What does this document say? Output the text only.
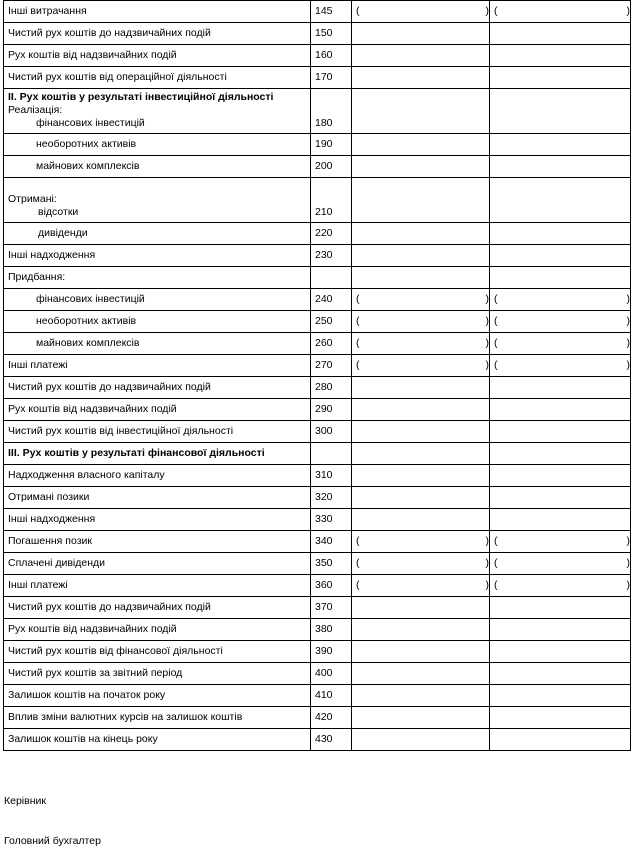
Інші витрачання	145	( )	( )

Чистий рух коштів до надзвичайних подій	150		
Рух коштів від надзвичайних подій	160		
Чистий рух коштів від операційної діяльності	170		

II. Рух коштів у результаті інвестиційної діяльності
Реалізація:
фінансових інвестицій	180		
необоротних активів	190		
майнових комплексів	200		

Отримані:
відсотки	210		
дивіденди	220		
Інші надходження	230		
Придбання:			
фінансових інвестицій	240	( )	( )

необоротних активів	250	( )	( )

майнових комплексів	260	( )	( )

Інші платежі	270	( )	( )

Чистий рух коштів до надзвичайних подій	280		
Рух коштів від надзвичайних подій	290		
Чистий рух коштів від інвестиційної діяльності	300		
III. Рух коштів у результаті фінансової діяльності			
Надходження власного капіталу	310		
Отримані позики	320		
Інші надходження	330		
Погашення позик	340	( )	( )

Сплачені дивіденди	350	( )	( )

Інші платежі	360	( )	( )

Чистий рух коштів до надзвичайних подій	370		
Рух коштів від надзвичайних подій	380		
Чистий рух коштів від фінансової діяльності	390		
Чистий рух коштів за звітний період	400		
Залишок коштів на початок року	410		
Вплив зміни валютних курсів на залишок коштів	420		
Залишок коштів на кінець року	430		
Керівник
Головний бухгалтер
